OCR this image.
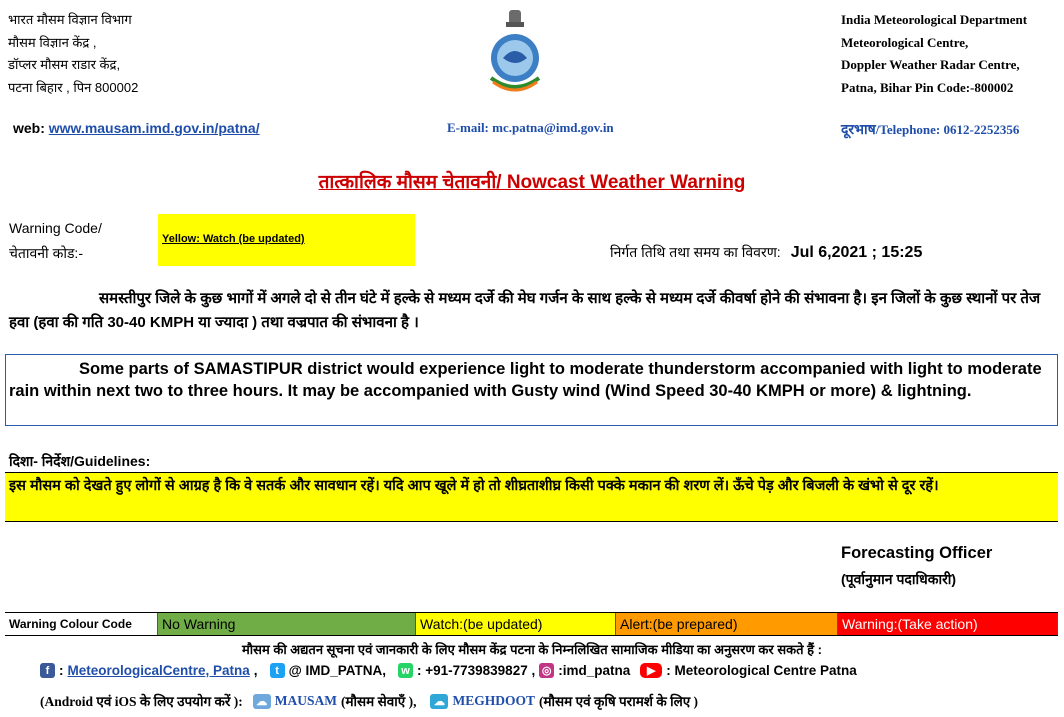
भारत मौसम विज्ञान विभाग
मौसम विज्ञान केंद्र ,
डॉप्लर मौसम राडार केंद्र,
पटना बिहार , पिन 800002
India Meteorological Department
Meteorological Centre,
Doppler Weather Radar Centre,
Patna, Bihar Pin Code:-800002
web: www.mausam.imd.gov.in/patna/	E-mail: mc.patna@imd.gov.in	दूरभाष/Telephone: 0612-2252356
तात्कालिक मौसम चेतावनी/ Nowcast Weather Warning
Warning Code/
चेतावनी कोड:-
Yellow: Watch (be updated)
निर्गत तिथि तथा समय का विवरण: Jul 6,2021 ; 15:25
समस्तीपुर जिले के कुछ भागों में अगले दो से तीन घंटे में हल्के से मध्यम दर्जे की मेघ गर्जन के साथ हल्के से मध्यम दर्जे कीवर्षा होने की संभावना है। इन जिलों के कुछ स्थानों पर तेज हवा (हवा की गति 30-40 KMPH या ज्यादा ) तथा वज्रपात की संभावना है ।
Some parts of SAMASTIPUR district would experience light to moderate thunderstorm accompanied with light to moderate rain within next two to three hours. It may be accompanied with Gusty wind (Wind Speed 30-40 KMPH or more) & lightning.
दिशा- निर्देश/Guidelines:
इस मौसम को देखते हुए लोगों से आग्रह है कि वे सतर्क और सावधान रहें। यदि आप खूले में हो तो शीघ्रताशीघ्र किसी पक्के मकान की शरण लें। ऊँचे पेड़ और बिजली के खंभो से दूर रहें।
Forecasting Officer
(पूर्वानुमान पदाधिकारी)
Warning Colour Code	No Warning	Watch:(be updated)	Alert:(be prepared)	Warning:(Take action)
मौसम की अद्यतन सूचना एवं जानकारी के लिए मौसम केंद्र पटना के निम्नलिखित सामाजिक मीडिया का अनुसरण कर सकते हैं :
f : MeteorologicalCentre, Patna ,	t @ IMD_PATNA, w : +91-7739839827 , ◎ :imd_patna	▶ : Meteorological Centre Patna
(Android एवं iOS के लिए उपयोग करें ):	☁ MAUSAM (मौसम सेवाएँ ),	☁ MEGHDOOT (मौसम एवं कृषि परामर्श के लिए )
